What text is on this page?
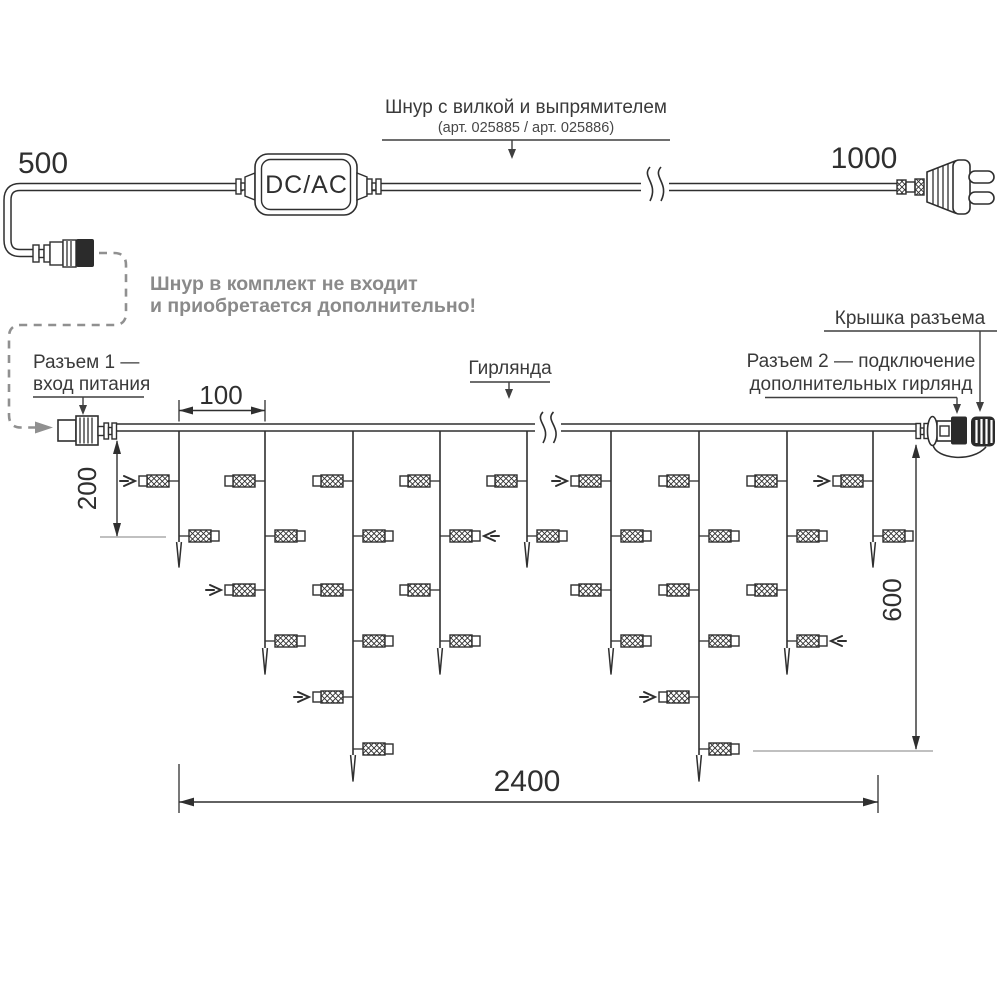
DC/AC
500	1000
Шнур с вилкой и выпрямителем
(арт. 025885 / арт. 025886)
Шнур в комплект не входит
и приобретается дополнительно!
Разъем 1 —
вход питания
Гирлянда	Разъем 2 — подключение
дополнительных гирлянд
Крышка разъема
100
200
600
2400
